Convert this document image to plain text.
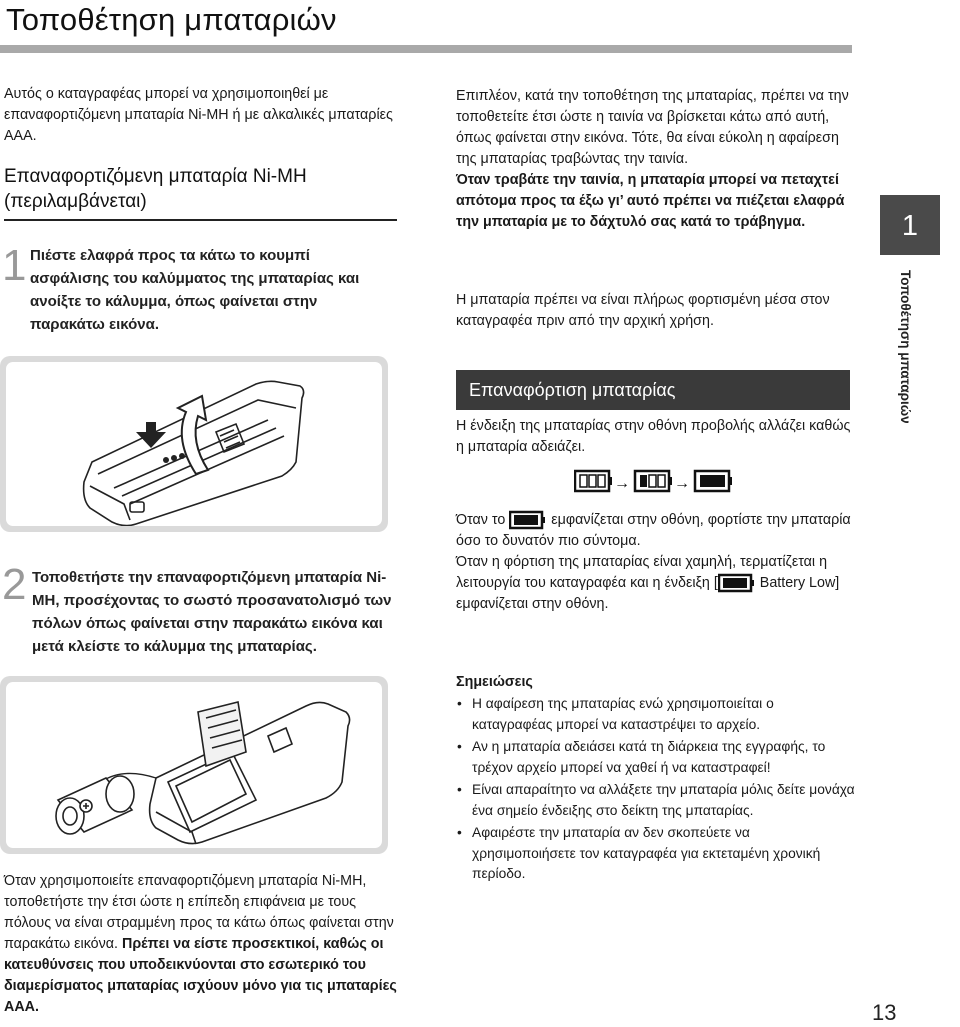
Τοποθέτηση μπαταριών

Αυτός ο καταγραφέας μπορεί να χρησιμοποιηθεί με επαναφορτιζόμενη μπαταρία Ni-MH ή με αλκαλικές μπαταρίες AAA.

Επαναφορτιζόμενη μπαταρία Ni-MH
(περιλαμβάνεται)
1 Πιέστε ελαφρά προς τα κάτω το κουμπί ασφάλισης του καλύμματος της μπαταρίας και ανοίξτε το κάλυμμα, όπως φαίνεται στην παρακάτω εικόνα.
2 Τοποθετήστε την επαναφορτιζόμενη μπαταρία Ni-MH, προσέχοντας το σωστό προσανατολισμό των πόλων όπως φαίνεται στην παρακάτω εικόνα και μετά κλείστε το κάλυμμα της μπαταρίας.
Όταν χρησιμοποιείτε επαναφορτιζόμενη μπαταρία Ni-MH, τοποθετήστε την έτσι ώστε η επίπεδη επιφάνεια με τους πόλους να είναι στραμμένη προς τα κάτω όπως φαίνεται στην παρακάτω εικόνα. Πρέπει να είστε προσεκτικοί, καθώς οι κατευθύνσεις που υποδεικνύονται στο εσωτερικό του διαμερίσματος μπαταρίας ισχύουν μόνο για τις μπαταρίες AAA.
Επιπλέον, κατά την τοποθέτηση της μπαταρίας, πρέπει να την τοποθετείτε έτσι ώστε η ταινία να βρίσκεται κάτω από αυτή, όπως φαίνεται στην εικόνα. Τότε, θα είναι εύκολη η αφαίρεση της μπαταρίας τραβώντας την ταινία.
Όταν τραβάτε την ταινία, η μπαταρία μπορεί να πεταχτεί απότομα προς τα έξω γι’ αυτό πρέπει να πιέζεται ελαφρά την μπαταρία με το δάχτυλό σας κατά το τράβηγμα.

Η μπαταρία πρέπει να είναι πλήρως φορτισμένη μέσα στον καταγραφέα πριν από την αρχική χρήση.

Επαναφόρτιση μπαταρίας

Η ένδειξη της μπαταρίας στην οθόνη προβολής αλλάζει καθώς η μπαταρία αδειάζει.

→	→
Όταν το	εμφανίζεται στην οθόνη, φορτίστε την μπαταρία όσο το δυνατόν πιο σύντομα.
Όταν η φόρτιση της μπαταρίας είναι χαμηλή, τερματίζεται η λειτουργία του καταγραφέα και η ένδειξη [	Battery Low] εμφανίζεται στην οθόνη.
Σημειώσεις
• Η αφαίρεση της μπαταρίας ενώ χρησιμοποιείται ο καταγραφέας μπορεί να καταστρέψει το αρχείο.
• Αν η μπαταρία αδειάσει κατά τη διάρκεια της εγγραφής, το τρέχον αρχείο μπορεί να χαθεί ή να καταστραφεί!
• Είναι απαραίτητο να αλλάξετε την μπαταρία μόλις δείτε μονάχα ένα σημείο ένδειξης στο δείκτη της μπαταρίας.
• Αφαιρέστε την μπαταρία αν δεν σκοπεύετε να χρησιμοποιήσετε τον καταγραφέα για εκτεταμένη χρονική περίοδο.
1
Τοποθέτηση μπαταριών
13
